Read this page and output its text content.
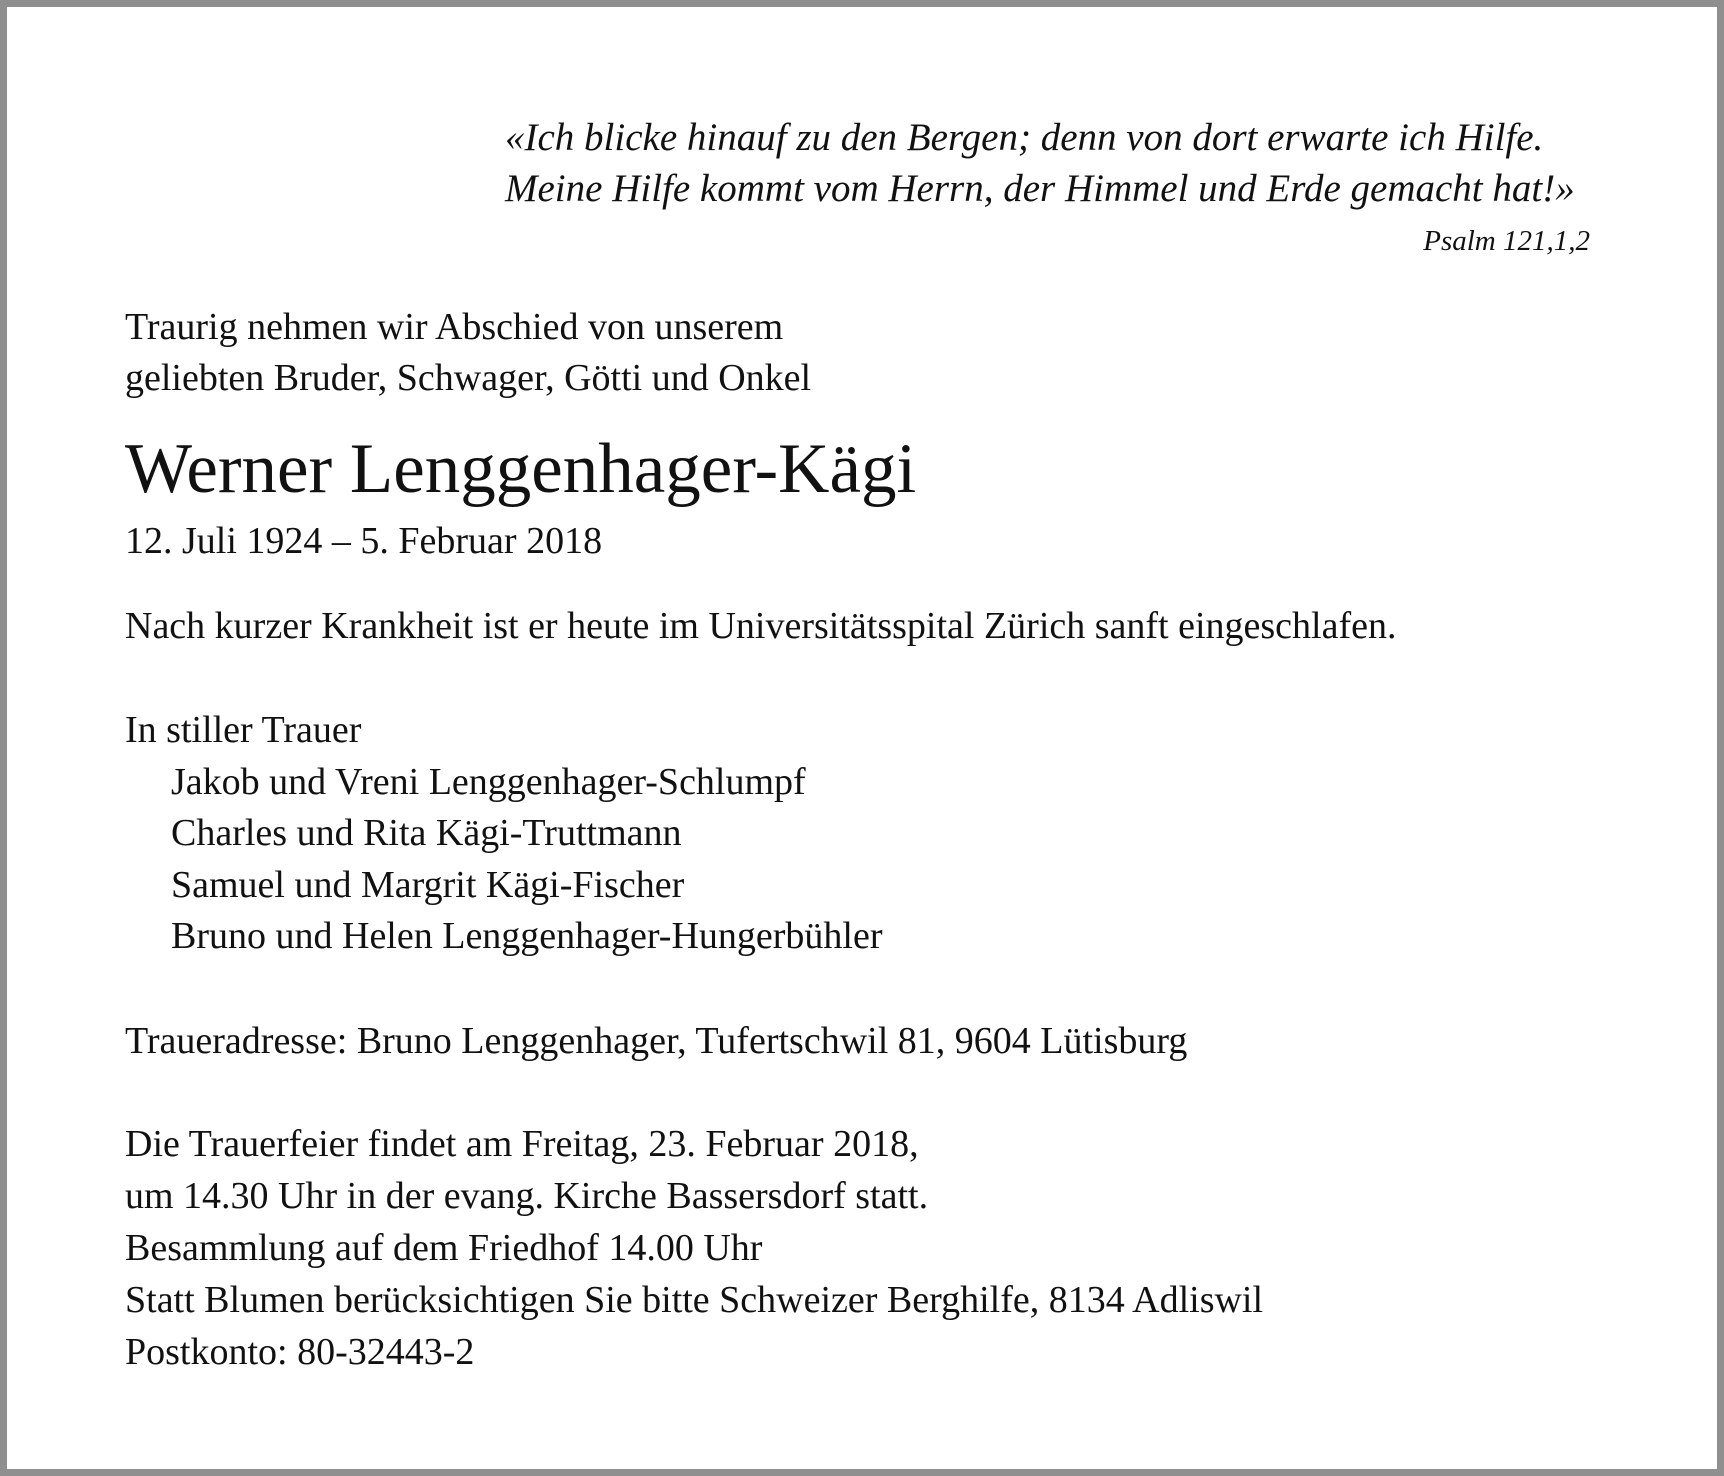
«Ich blicke hinauf zu den Bergen; denn von dort erwarte ich Hilfe.
Meine Hilfe kommt vom Herrn, der Himmel und Erde gemacht hat!»
Psalm 121,1,2
Traurig nehmen wir Abschied von unserem
geliebten Bruder, Schwager, Götti und Onkel
Werner Lenggenhager-Kägi
12. Juli 1924 – 5. Februar 2018
Nach kurzer Krankheit ist er heute im Universitätsspital Zürich sanft eingeschlafen.
In stiller Trauer
Jakob und Vreni Lenggenhager-Schlumpf
Charles und Rita Kägi-Truttmann
Samuel und Margrit Kägi-Fischer
Bruno und Helen Lenggenhager-Hungerbühler
Traueradresse: Bruno Lenggenhager, Tufertschwil 81, 9604 Lütisburg
Die Trauerfeier findet am Freitag, 23. Februar 2018,
um 14.30 Uhr in der evang. Kirche Bassersdorf statt.
Besammlung auf dem Friedhof 14.00 Uhr
Statt Blumen berücksichtigen Sie bitte Schweizer Berghilfe, 8134 Adliswil
Postkonto: 80-32443-2
